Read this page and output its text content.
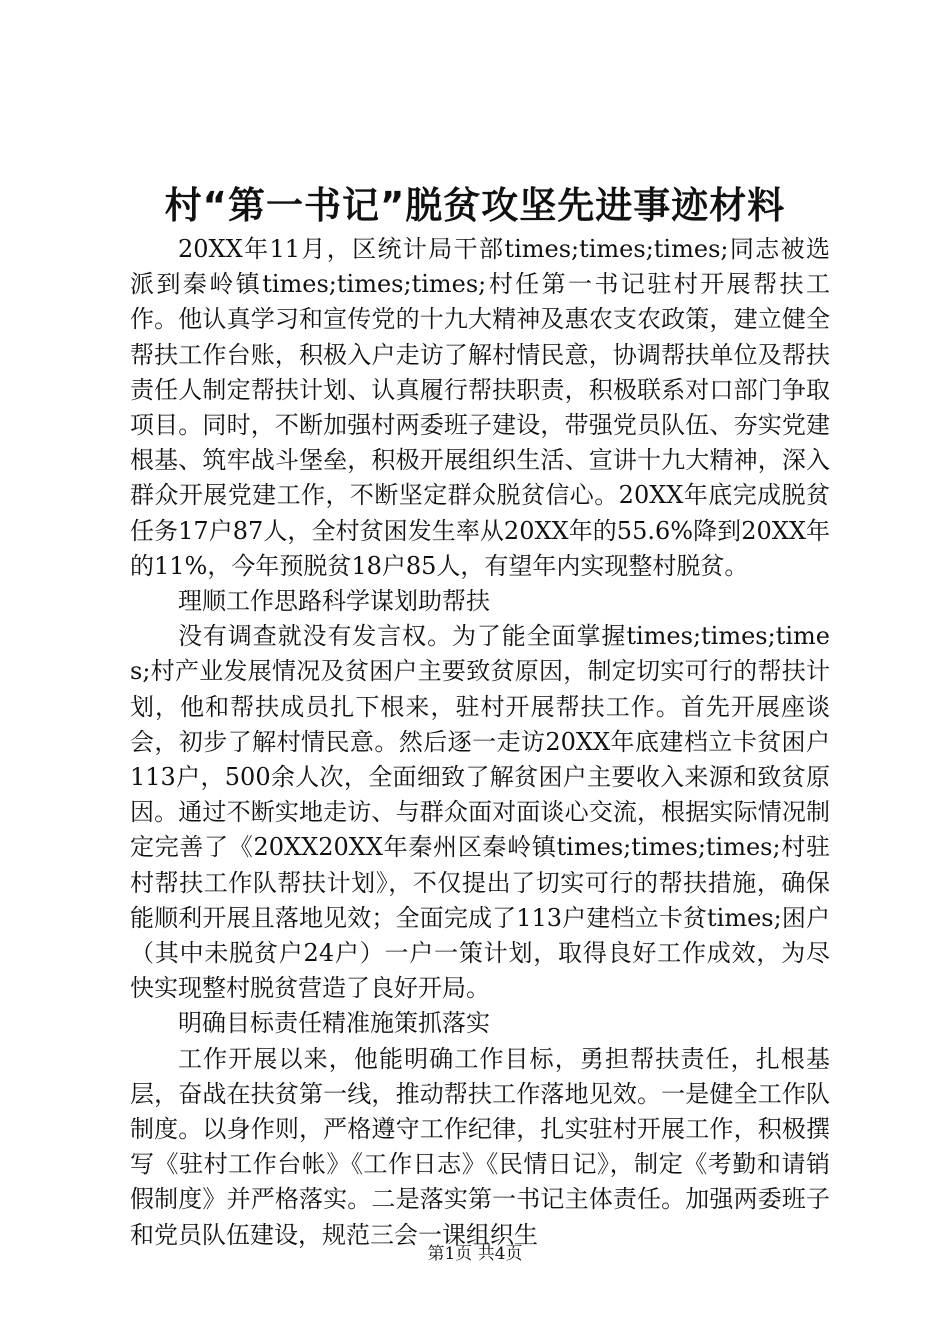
村“第一书记”脱贫攻坚先进事迹材料

20XX年11月，区统计局干部times;times;times;同志被选派到秦岭镇times;times;times;村任第一书记驻村开展帮扶工作。他认真学习和宣传党的十九大精神及惠农支农政策，建立健全帮扶工作台账，积极入户走访了解村情民意，协调帮扶单位及帮扶责任人制定帮扶计划、认真履行帮扶职责，积极联系对口部门争取项目。同时，不断加强村两委班子建设，带强党员队伍、夯实党建根基、筑牢战斗堡垒，积极开展组织生活、宣讲十九大精神，深入群众开展党建工作，不断坚定群众脱贫信心。20XX年底完成脱贫任务17户87人，全村贫困发生率从20XX年的55.6%降到20XX年的11%，今年预脱贫18户85人，有望年内实现整村脱贫。

理顺工作思路科学谋划助帮扶

没有调查就没有发言权。为了能全面掌握times;times;times;村产业发展情况及贫困户主要致贫原因，制定切实可行的帮扶计划，他和帮扶成员扎下根来，驻村开展帮扶工作。首先开展座谈会，初步了解村情民意。然后逐一走访20XX年底建档立卡贫困户113户，500余人次，全面细致了解贫困户主要收入来源和致贫原因。通过不断实地走访、与群众面对面谈心交流，根据实际情况制定完善了《20XX20XX年秦州区秦岭镇times;times;times;村驻村帮扶工作队帮扶计划》，不仅提出了切实可行的帮扶措施，确保能顺利开展且落地见效；全面完成了113户建档立卡贫times;困户（其中未脱贫户24户）一户一策计划，取得良好工作成效，为尽快实现整村脱贫营造了良好开局。

明确目标责任精准施策抓落实

工作开展以来，他能明确工作目标，勇担帮扶责任，扎根基层，奋战在扶贫第一线，推动帮扶工作落地见效。一是健全工作队制度。以身作则，严格遵守工作纪律，扎实驻村开展工作，积极撰写《驻村工作台帐》《工作日志》《民情日记》，制定《考勤和请销假制度》并严格落实。二是落实第一书记主体责任。加强两委班子和党员队伍建设，规范三会一课组织生

第1页 共4页
